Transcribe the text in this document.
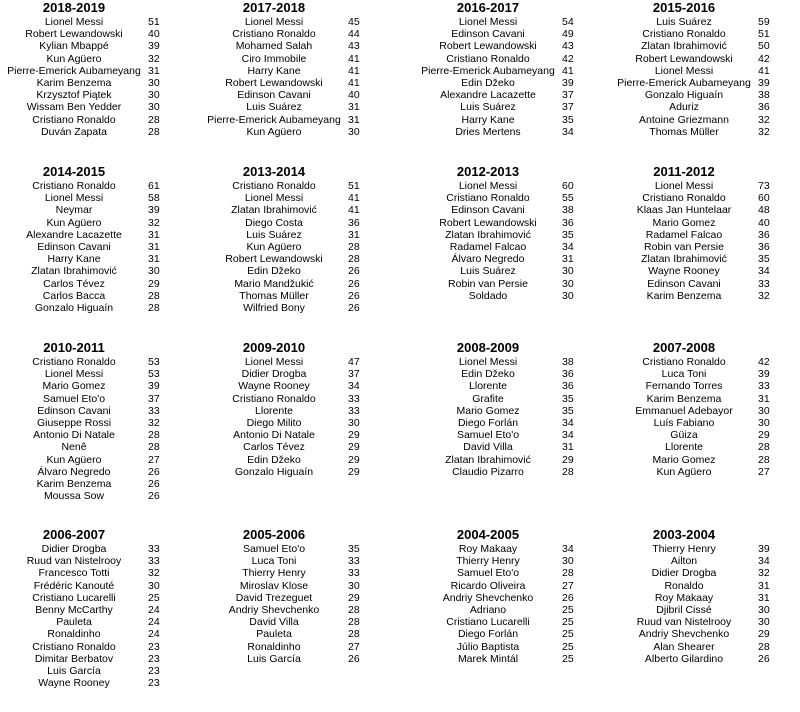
2018-2019
Lionel Messi	51
Robert Lewandowski	40
Kylian Mbappé	39
Kun Agüero	32
Pierre-Emerick Aubameyang 31
Karim Benzema	30
Krzysztof Piątek	30
Wissam Ben Yedder	30
Cristiano Ronaldo	28
Duván Zapata	28
2017-2018
Lionel Messi	45
Cristiano Ronaldo	44
Mohamed Salah	43
Ciro Immobile	41
Harry Kane	41
Robert Lewandowski	41
Edinson Cavani	40
Luis Suárez	31
Pierre-Emerick Aubameyang 31
Kun Agüero	30
2016-2017
Lionel Messi	54
Edinson Cavani	49
Robert Lewandowski	43
Cristiano Ronaldo	42
Pierre-Emerick Aubameyang 41
Edin Džeko	39
Alexandre Lacazette	37
Luis Suárez	37
Harry Kane	35
Dries Mertens	34
2015-2016
Luis Suárez	59
Cristiano Ronaldo	51
Zlatan Ibrahimović	50
Robert Lewandowski	42
Lionel Messi	41
Pierre-Emerick Aubameyang 39
Gonzalo Higuaín	38
Aduriz	36
Antoine Griezmann	32
Thomas Müller	32
2014-2015
Cristiano Ronaldo	61
Lionel Messi	58
Neymar	39
Kun Agüero	32
Alexandre Lacazette	31
Edinson Cavani	31
Harry Kane	31
Zlatan Ibrahimović	30
Carlos Tévez	29
Carlos Bacca	28
Gonzalo Higuaín	28
2013-2014
Cristiano Ronaldo	51
Lionel Messi	41
Zlatan Ibrahimović	41
Diego Costa	36
Luis Suárez	31
Kun Agüero	28
Robert Lewandowski	28
Edin Džeko	26
Mario Mandžukić	26
Thomas Müller	26
Wilfried Bony	26
2012-2013
Lionel Messi	60
Cristiano Ronaldo	55
Edinson Cavani	38
Robert Lewandowski	36
Zlatan Ibrahimović	35
Radamel Falcao	34
Álvaro Negredo	31
Luis Suárez	30
Robin van Persie	30
Soldado	30
2011-2012
Lionel Messi	73
Cristiano Ronaldo	60
Klaas Jan Huntelaar	48
Mario Gomez	40
Radamel Falcao	36
Robin van Persie	36
Zlatan Ibrahimović	35
Wayne Rooney	34
Edinson Cavani	33
Karim Benzema	32
2010-2011
Cristiano Ronaldo	53
Lionel Messi	53
Mario Gomez	39
Samuel Eto'o	37
Edinson Cavani	33
Giuseppe Rossi	32
Antonio Di Natale	28
Nenê	28
Kun Agüero	27
Álvaro Negredo	26
Karim Benzema	26
Moussa Sow	26
2009-2010
Lionel Messi	47
Didier Drogba	37
Wayne Rooney	34
Cristiano Ronaldo	33
Llorente	33
Diego Milito	30
Antonio Di Natale	29
Carlos Tévez	29
Edin Džeko	29
Gonzalo Higuaín	29
2008-2009
Lionel Messi	38
Edin Džeko	36
Llorente	36
Grafite	35
Mario Gomez	35
Diego Forlán	34
Samuel Eto'o	34
David Villa	31
Zlatan Ibrahimović	29
Claudio Pizarro	28
2007-2008
Cristiano Ronaldo	42
Luca Toni	39
Fernando Torres	33
Karim Benzema	31
Emmanuel Adebayor	30
Luís Fabiano	30
Güiza	29
Llorente	28
Mario Gomez	28
Kun Agüero	27
2006-2007
Didier Drogba	33
Ruud van Nistelrooy	33
Francesco Totti	32
Frédéric Kanouté	30
Cristiano Lucarelli	25
Benny McCarthy	24
Pauleta	24
Ronaldinho	24
Cristiano Ronaldo	23
Dimitar Berbatov	23
Luis García	23
Wayne Rooney	23
2005-2006
Samuel Eto'o	35
Luca Toni	33
Thierry Henry	33
Miroslav Klose	30
David Trezeguet	29
Andriy Shevchenko	28
David Villa	28
Pauleta	28
Ronaldinho	27
Luis García	26
2004-2005
Roy Makaay	34
Thierry Henry	30
Samuel Eto'o	28
Ricardo Oliveira	27
Andriy Shevchenko	26
Adriano	25
Cristiano Lucarelli	25
Diego Forlán	25
Júlio Baptista	25
Marek Mintál	25
2003-2004
Thierry Henry	39
Ailton	34
Didier Drogba	32
Ronaldo	31
Roy Makaay	31
Djibril Cissé	30
Ruud van Nistelrooy	30
Andriy Shevchenko	29
Alan Shearer	28
Alberto Gilardino	26
